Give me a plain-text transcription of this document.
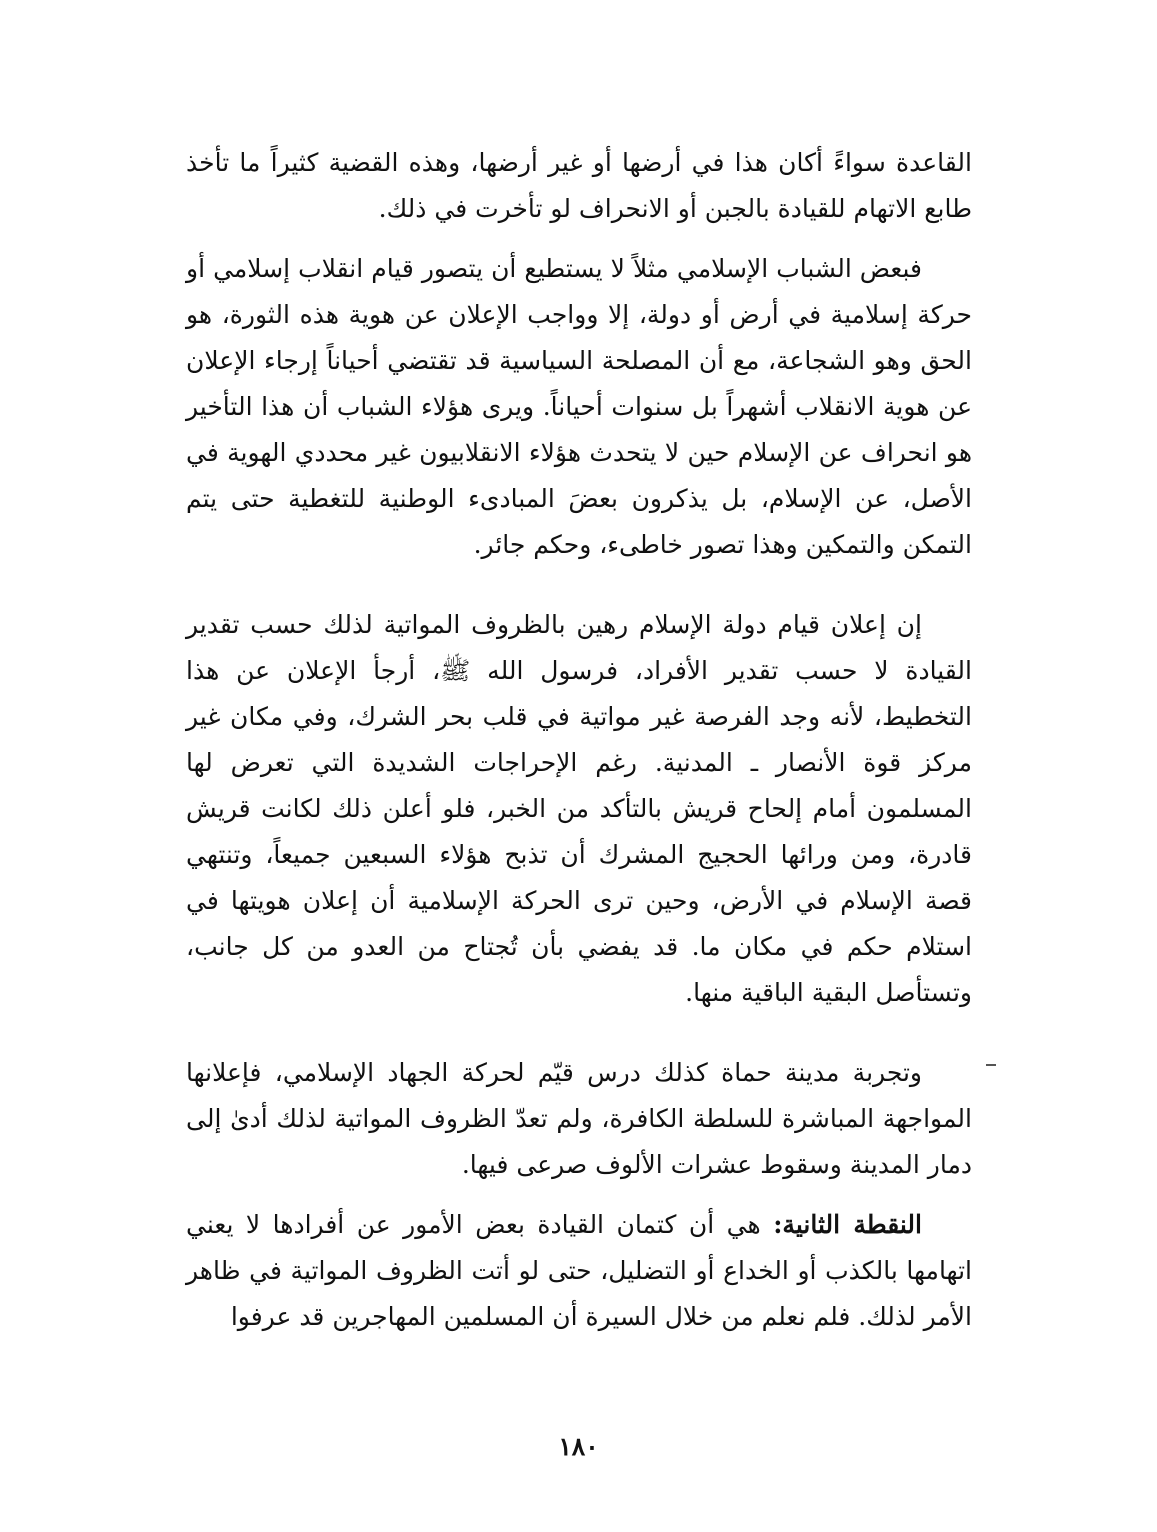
القاعدة سواءً أكان هذا في أرضها أو غير أرضها، وهذه القضية كثيراً ما تأخذ طابع الاتهام للقيادة بالجبن أو الانحراف لو تأخرت في ذلك.

فبعض الشباب الإسلامي مثلاً لا يستطيع أن يتصور قيام انقلاب إسلامي أو حركة إسلامية في أرض أو دولة، إلا وواجب الإعلان عن هوية هذه الثورة، هو الحق وهو الشجاعة، مع أن المصلحة السياسية قد تقتضي أحياناً إرجاء الإعلان عن هوية الانقلاب أشهراً بل سنوات أحياناً. ويرى هؤلاء الشباب أن هذا التأخير هو انحراف عن الإسلام حين لا يتحدث هؤلاء الانقلابيون غير محددي الهوية في الأصل، عن الإسلام، بل يذكرون بعضَ المبادىء الوطنية للتغطية حتى يتم التمكن والتمكين وهذا تصور خاطىء، وحكم جائر.

إن إعلان قيام دولة الإسلام رهين بالظروف المواتية لذلك حسب تقدير القيادة لا حسب تقدير الأفراد، فرسول الله ﷺ، أرجأ الإعلان عن هذا التخطيط، لأنه وجد الفرصة غير مواتية في قلب بحر الشرك، وفي مكان غير مركز قوة الأنصار ـ المدنية. رغم الإحراجات الشديدة التي تعرض لها المسلمون أمام إلحاح قريش بالتأكد من الخبر، فلو أعلن ذلك لكانت قريش قادرة، ومن ورائها الحجيج المشرك أن تذبح هؤلاء السبعين جميعاً، وتنتهي قصة الإسلام في الأرض، وحين ترى الحركة الإسلامية أن إعلان هويتها في استلام حكم في مكان ما. قد يفضي بأن تُجتاح من العدو من كل جانب، وتستأصل البقية الباقية منها.

وتجربة مدينة حماة كذلك درس قيّم لحركة الجهاد الإسلامي، فإعلانها المواجهة المباشرة للسلطة الكافرة، ولم تعدّ الظروف المواتية لذلك أدىٰ إلى دمار المدينة وسقوط عشرات الألوف صرعى فيها.

النقطة الثانية: هي أن كتمان القيادة بعض الأمور عن أفرادها لا يعني اتهامها بالكذب أو الخداع أو التضليل، حتى لو أتت الظروف المواتية في ظاهر الأمر لذلك. فلم نعلم من خلال السيرة أن المسلمين المهاجرين قد عرفوا

١٨٠
